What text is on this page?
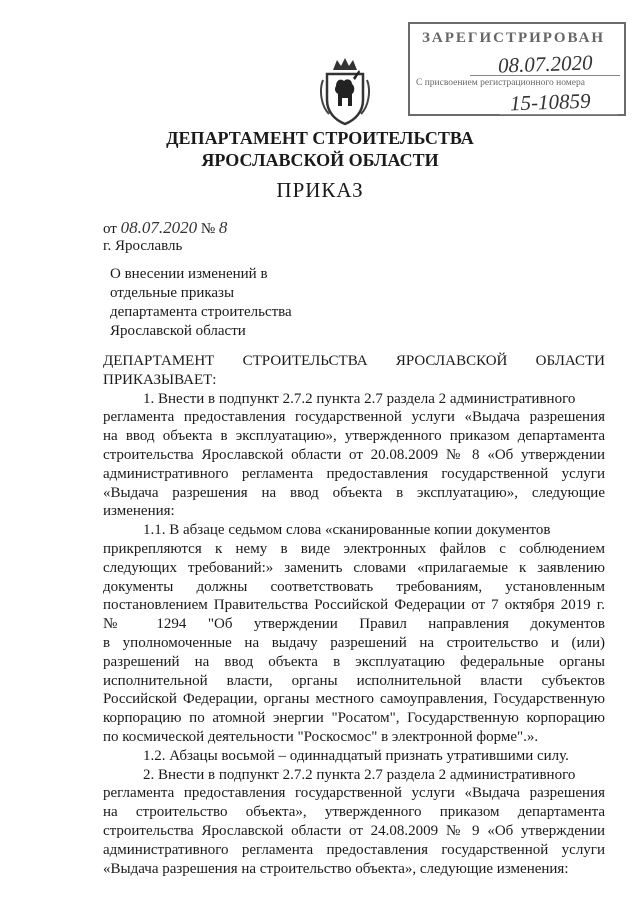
ЗАРЕГИСТРИРОВАН
08.07.2020
С присвоением регистрационного номера
15-10859
ДЕПАРТАМЕНТ СТРОИТЕЛЬСТВА
ЯРОСЛАВСКОЙ ОБЛАСТИ
ПРИКАЗ
от 08.07.2020 № 8
г. Ярославль
О внесении изменений в
отдельные приказы
департамента строительства
Ярославской области
ДЕПАРТАМЕНТ СТРОИТЕЛЬСТВА ЯРОСЛАВСКОЙ ОБЛАСТИ
ПРИКАЗЫВАЕТ:
1. Внести в подпункт 2.7.2 пункта 2.7 раздела 2 административного
регламента предоставления государственной услуги «Выдача разрешения
на ввод объекта в эксплуатацию», утвержденного приказом департамента
строительства Ярославской области от 20.08.2009 № 8 «Об утверждении
административного регламента предоставления государственной услуги
«Выдача разрешения на ввод объекта в эксплуатацию», следующие
изменения:
1.1. В абзаце седьмом слова «сканированные копии документов
прикрепляются к нему в виде электронных файлов с соблюдением
следующих требований:» заменить словами «прилагаемые к заявлению
документы должны соответствовать требованиям, установленным
постановлением Правительства Российской Федерации от 7 октября 2019 г.
№ 1294 "Об утверждении Правил направления документов
в уполномоченные на выдачу разрешений на строительство и (или)
разрешений на ввод объекта в эксплуатацию федеральные органы
исполнительной власти, органы исполнительной власти субъектов
Российской Федерации, органы местного самоуправления, Государственную
корпорацию по атомной энергии "Росатом", Государственную корпорацию
по космической деятельности "Роскосмос" в электронной форме".».
1.2. Абзацы восьмой – одиннадцатый признать утратившими силу.
2. Внести в подпункт 2.7.2 пункта 2.7 раздела 2 административного
регламента предоставления государственной услуги «Выдача разрешения
на строительство объекта», утвержденного приказом департамента
строительства Ярославской области от 24.08.2009 № 9 «Об утверждении
административного регламента предоставления государственной услуги
«Выдача разрешения на строительство объекта», следующие изменения:
